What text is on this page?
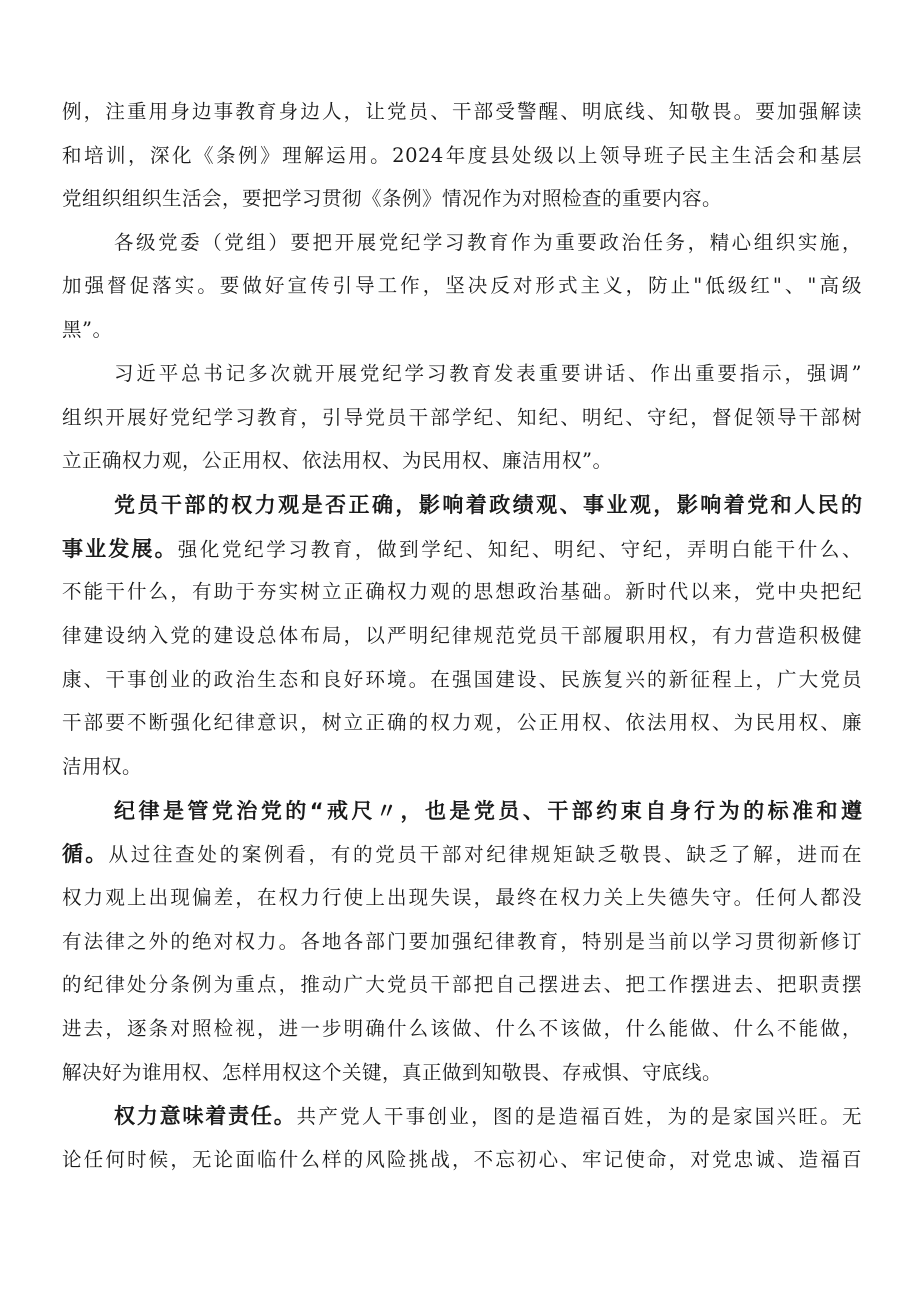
例，注重用身边事教育身边人，让党员、干部受警醒、明底线、知敬畏。要加强解读
和培训，深化《条例》理解运用。2024年度县处级以上领导班子民主生活会和基层
党组织组织生活会，要把学习贯彻《条例》情况作为对照检查的重要内容。
各级党委（党组）要把开展党纪学习教育作为重要政治任务，精心组织实施，
加强督促落实。要做好宣传引导工作，坚决反对形式主义，防止"低级红"、"高级
黑”。
习近平总书记多次就开展党纪学习教育发表重要讲话、作出重要指示，强调”
组织开展好党纪学习教育，引导党员干部学纪、知纪、明纪、守纪，督促领导干部树
立正确权力观，公正用权、依法用权、为民用权、廉洁用权”。
党员干部的权力观是否正确，影响着政绩观、事业观，影响着党和人民的
事业发展。强化党纪学习教育，做到学纪、知纪、明纪、守纪，弄明白能干什么、
不能干什么，有助于夯实树立正确权力观的思想政治基础。新时代以来，党中央把纪
律建设纳入党的建设总体布局，以严明纪律规范党员干部履职用权，有力营造积极健
康、干事创业的政治生态和良好环境。在强国建设、民族复兴的新征程上，广大党员
干部要不断强化纪律意识，树立正确的权力观，公正用权、依法用权、为民用权、廉
洁用权。
纪律是管党治党的“戒尺〃，也是党员、干部约束自身行为的标准和遵
循。从过往查处的案例看，有的党员干部对纪律规矩缺乏敬畏、缺乏了解，进而在
权力观上出现偏差，在权力行使上出现失误，最终在权力关上失德失守。任何人都没
有法律之外的绝对权力。各地各部门要加强纪律教育，特别是当前以学习贯彻新修订
的纪律处分条例为重点，推动广大党员干部把自己摆进去、把工作摆进去、把职责摆
进去，逐条对照检视，进一步明确什么该做、什么不该做，什么能做、什么不能做，
解决好为谁用权、怎样用权这个关键，真正做到知敬畏、存戒惧、守底线。
权力意味着责任。共产党人干事创业，图的是造福百姓，为的是家国兴旺。无
论任何时候，无论面临什么样的风险挑战，不忘初心、牢记使命，对党忠诚、造福百
